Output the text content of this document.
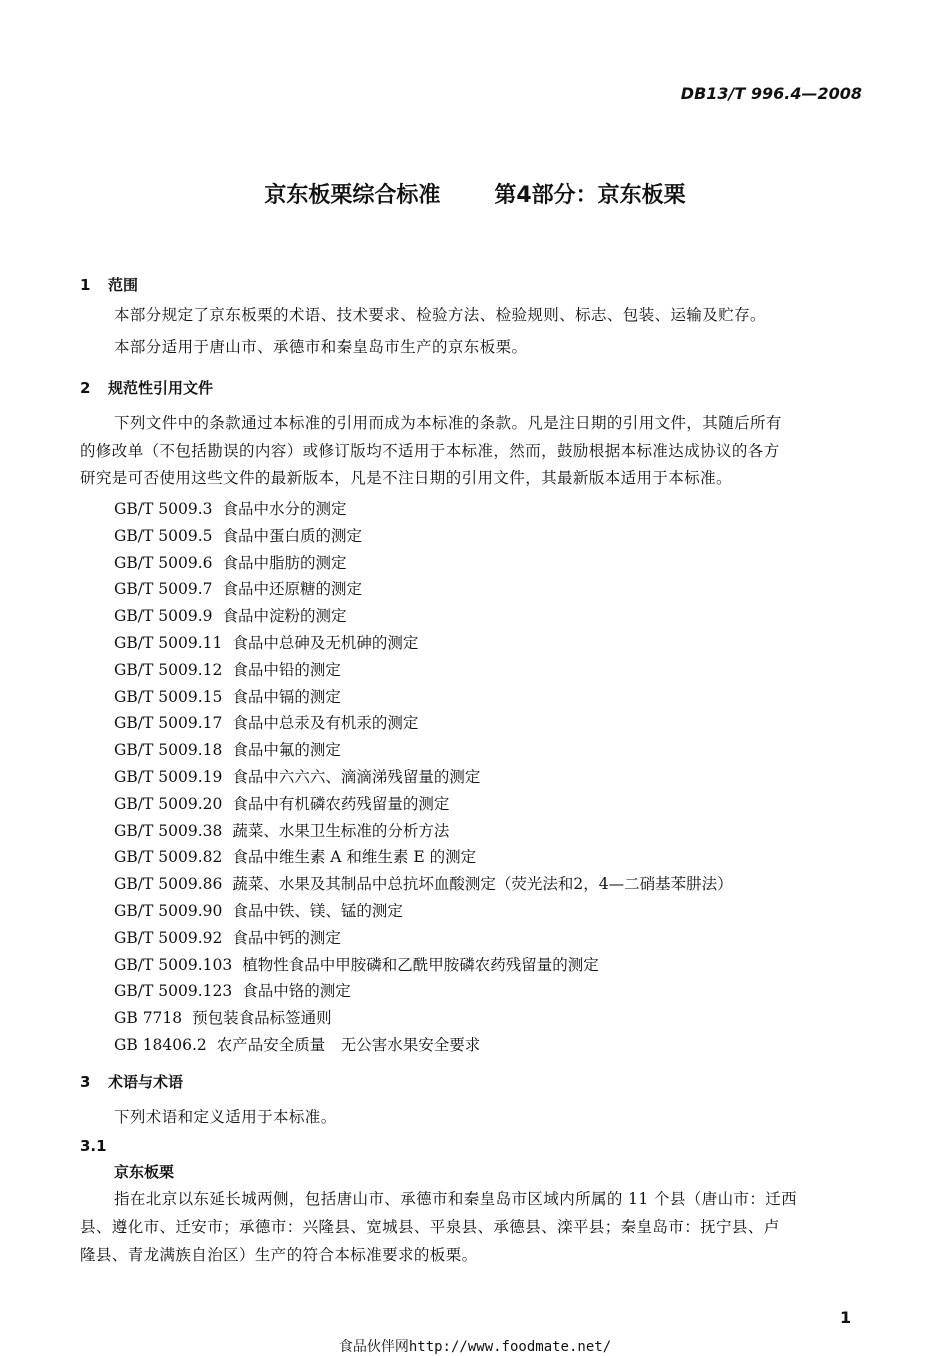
DB13/T 996.4—2008
京东板栗综合标准 第4部分：京东板栗
1 范围
本部分规定了京东板栗的术语、技术要求、检验方法、检验规则、标志、包装、运输及贮存。
本部分适用于唐山市、承德市和秦皇岛市生产的京东板栗。
2 规范性引用文件
下列文件中的条款通过本标准的引用而成为本标准的条款。凡是注日期的引用文件，其随后所有
的修改单（不包括勘误的内容）或修订版均不适用于本标准，然而，鼓励根据本标准达成协议的各方
研究是可否使用这些文件的最新版本，凡是不注日期的引用文件，其最新版本适用于本标准。
GB/T 5009.3 食品中水分的测定
GB/T 5009.5 食品中蛋白质的测定
GB/T 5009.6 食品中脂肪的测定
GB/T 5009.7 食品中还原糖的测定
GB/T 5009.9 食品中淀粉的测定
GB/T 5009.11 食品中总砷及无机砷的测定
GB/T 5009.12 食品中铅的测定
GB/T 5009.15 食品中镉的测定
GB/T 5009.17 食品中总汞及有机汞的测定
GB/T 5009.18 食品中氟的测定
GB/T 5009.19 食品中六六六、滴滴涕残留量的测定
GB/T 5009.20 食品中有机磷农药残留量的测定
GB/T 5009.38 蔬菜、水果卫生标准的分析方法
GB/T 5009.82 食品中维生素 A 和维生素 E 的测定
GB/T 5009.86 蔬菜、水果及其制品中总抗坏血酸测定（荧光法和2，4—二硝基苯肼法）
GB/T 5009.90 食品中铁、镁、锰的测定
GB/T 5009.92 食品中钙的测定
GB/T 5009.103 植物性食品中甲胺磷和乙酰甲胺磷农药残留量的测定
GB/T 5009.123 食品中铬的测定
GB 7718 预包装食品标签通则
GB 18406.2 农产品安全质量　无公害水果安全要求
3 术语与术语
下列术语和定义适用于本标准。
3.1
京东板栗
指在北京以东延长城两侧，包括唐山市、承德市和秦皇岛市区域内所属的 11 个县（唐山市：迁西
县、遵化市、迁安市；承德市：兴隆县、宽城县、平泉县、承德县、滦平县；秦皇岛市：抚宁县、卢
隆县、青龙满族自治区）生产的符合本标准要求的板栗。
1
食品伙伴网http://www.foodmate.net/
